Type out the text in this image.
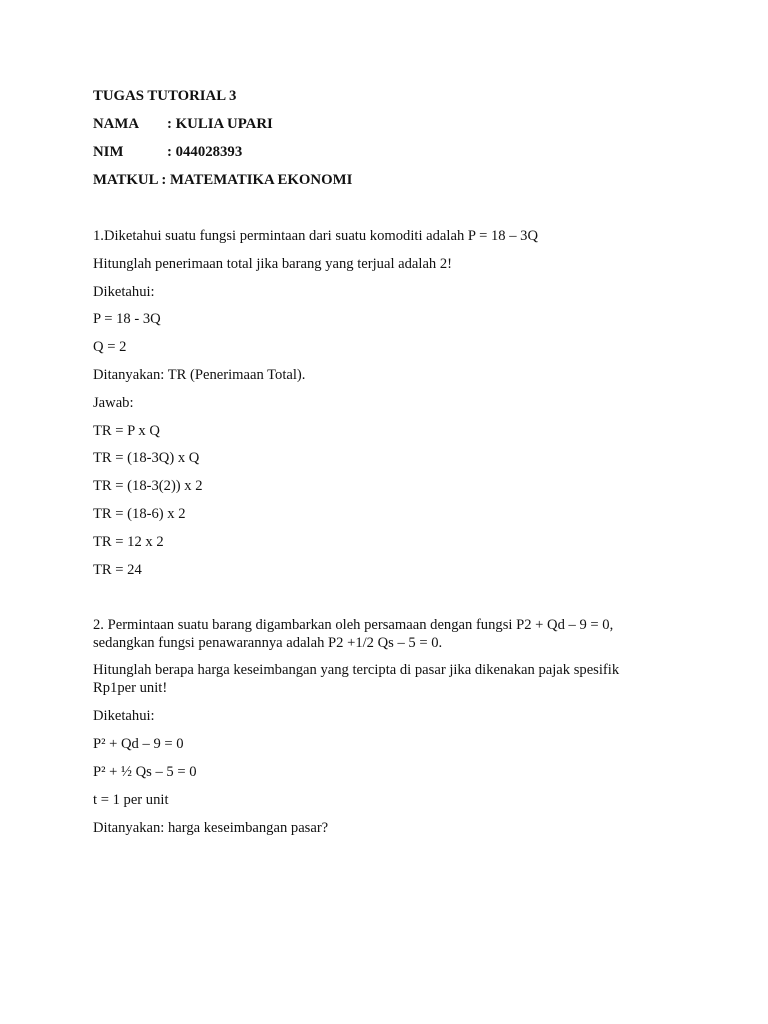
TUGAS TUTORIAL 3
NAMA : KULIA UPARI
NIM	: 044028393
MATKUL : MATEMATIKA EKONOMI
1.Diketahui suatu fungsi permintaan dari suatu komoditi adalah P = 18 – 3Q
Hitunglah penerimaan total jika barang yang terjual adalah 2!
Diketahui:
P = 18 - 3Q
Q = 2
Ditanyakan: TR (Penerimaan Total).
Jawab:
TR = P x Q
TR = (18-3Q) x Q
TR = (18-3(2)) x 2
TR = (18-6) x 2
TR = 12 x 2
TR = 24
2. Permintaan suatu barang digambarkan oleh persamaan dengan fungsi P2 + Qd – 9 = 0,
sedangkan fungsi penawarannya adalah P2 +1/2 Qs – 5 = 0.
Hitunglah berapa harga keseimbangan yang tercipta di pasar jika dikenakan pajak spesifik
Rp1per unit!
Diketahui:
P² + Qd – 9 = 0
P² + ½ Qs – 5 = 0
t = 1 per unit
Ditanyakan: harga keseimbangan pasar?
